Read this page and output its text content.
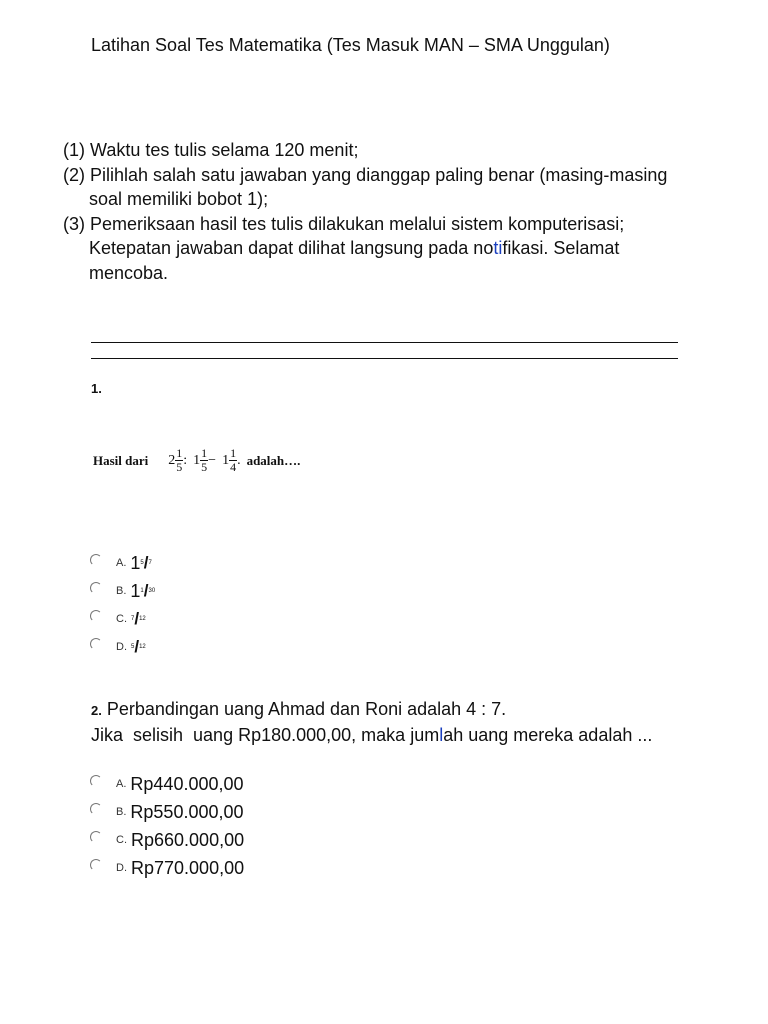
Latihan Soal Tes Matematika (Tes Masuk MAN – SMA Unggulan)
(1) Waktu tes tulis selama 120 menit;
(2) Pilihlah salah satu jawaban yang dianggap paling benar (masing-masing soal memiliki bobot 1);
(3) Pemeriksaan hasil tes tulis dilakukan melalui sistem komputerisasi; Ketepatan jawaban dapat dilihat langsung pada notifikasi. Selamat mencoba.
1.
Hasil dari $2 \frac{1}{5}$ : $1 \frac{1}{5} - 1 \frac{1}{4}$ . adalah….
A. 1 5 / 7
B. 1 1 / 30
C. 7 / 12
D. 5 / 12
2. Perbandingan uang Ahmad dan Roni adalah 4 : 7.
Jika  selisih  uang Rp180.000,00, maka jumlah uang mereka adalah ...
A. Rp440.000,00
B. Rp550.000,00
C. Rp660.000,00
D. Rp770.000,00
